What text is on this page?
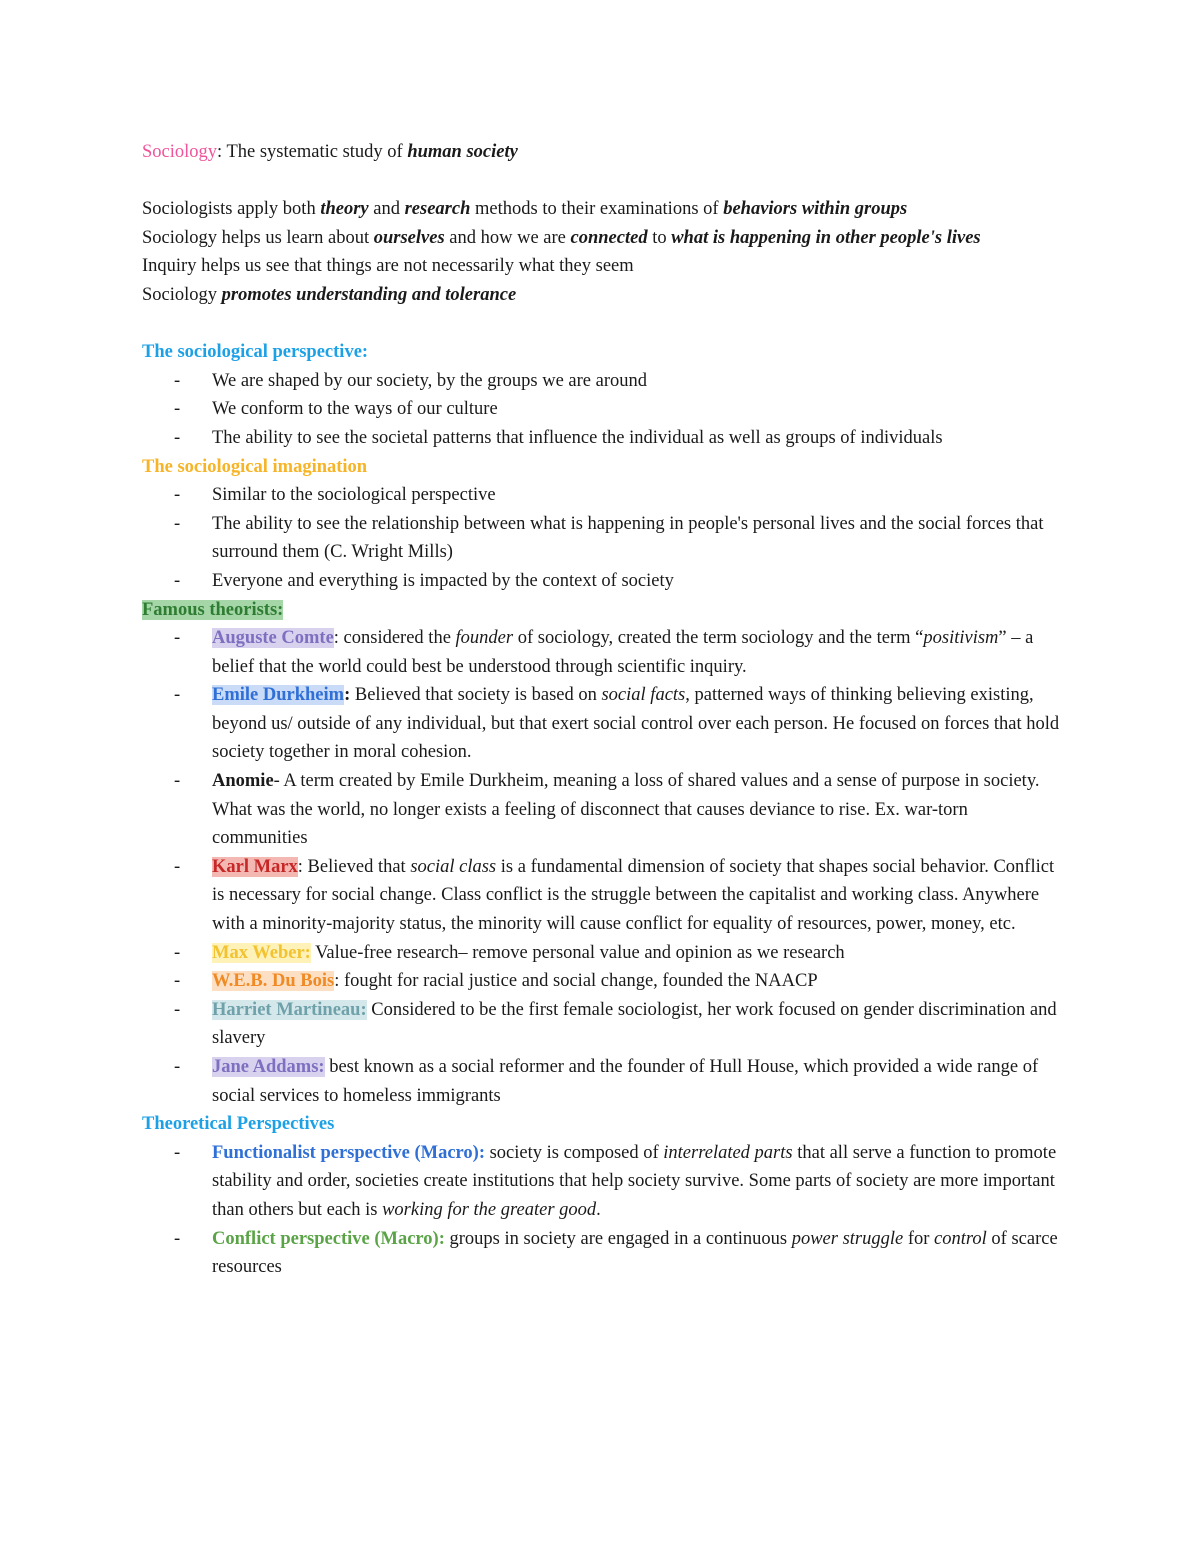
Sociology: The systematic study of human society

Sociologists apply both theory and research methods to their examinations of behaviors within groups

Sociology helps us learn about ourselves and how we are connected to what is happening in other people's lives

Inquiry helps us see that things are not necessarily what they seem

Sociology promotes understanding and tolerance

The sociological perspective:

- We are shaped by our society, by the groups we are around
- We conform to the ways of our culture
- The ability to see the societal patterns that influence the individual as well as groups of individuals

The sociological imagination

- Similar to the sociological perspective
- The ability to see the relationship between what is happening in people's personal lives and the social forces that surround them (C. Wright Mills)
- Everyone and everything is impacted by the context of society

Famous theorists:

- Auguste Comte: considered the founder of sociology, created the term sociology and the term “positivism” – a belief that the world could best be understood through scientific inquiry.
- Emile Durkheim: Believed that society is based on social facts, patterned ways of thinking believing existing, beyond us/ outside of any individual, but that exert social control over each person. He focused on forces that hold society together in moral cohesion.
- Anomie- A term created by Emile Durkheim, meaning a loss of shared values and a sense of purpose in society. What was the world, no longer exists a feeling of disconnect that causes deviance to rise. Ex. war-torn communities
- Karl Marx: Believed that social class is a fundamental dimension of society that shapes social behavior. Conflict is necessary for social change. Class conflict is the struggle between the capitalist and working class. Anywhere with a minority-majority status, the minority will cause conflict for equality of resources, power, money, etc.
- Max Weber: Value-free research– remove personal value and opinion as we research
- W.E.B. Du Bois: fought for racial justice and social change, founded the NAACP
- Harriet Martineau: Considered to be the first female sociologist, her work focused on gender discrimination and slavery
- Jane Addams: best known as a social reformer and the founder of Hull House, which provided a wide range of social services to homeless immigrants

Theoretical Perspectives

- Functionalist perspective (Macro): society is composed of interrelated parts that all serve a function to promote stability and order, societies create institutions that help society survive. Some parts of society are more important than others but each is working for the greater good.
- Conflict perspective (Macro): groups in society are engaged in a continuous power struggle for control of scarce resources
